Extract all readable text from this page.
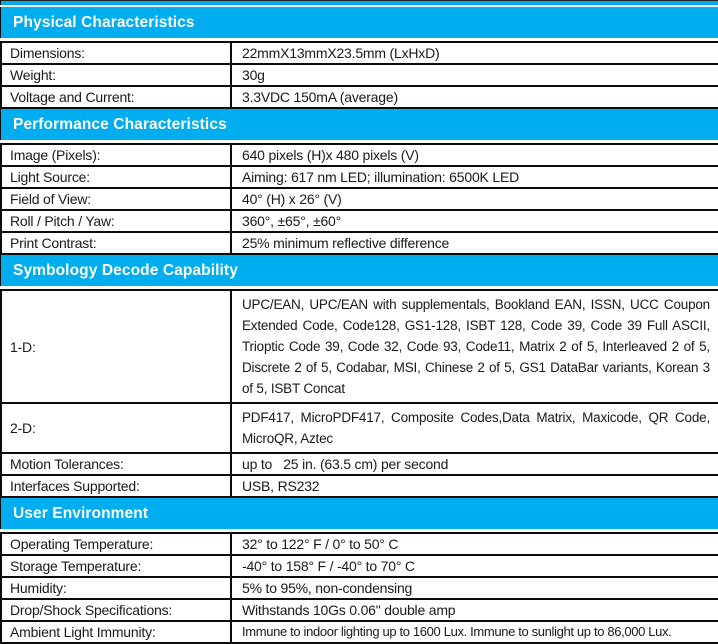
Physical Characteristics
Dimensions:	22mmX13mmX23.5mm (LxHxD)
Weight:	30g
Voltage and Current:	3.3VDC 150mA (average)
Performance Characteristics
Image (Pixels):	640 pixels (H)x 480 pixels (V)
Light Source:	Aiming: 617 nm LED; illumination: 6500K LED
Field of View:	40° (H) x 26° (V)
Roll / Pitch / Yaw:	360°, ±65°, ±60°
Print Contrast:	25% minimum reflective difference
Symbology Decode Capability
1-D:
UPC/EAN, UPC/EAN with supplementals, Bookland EAN, ISSN, UCC Coupon Extended Code, Code128, GS1-128, ISBT 128, Code 39, Code 39 Full ASCII, Trioptic Code 39, Code 32, Code 93, Code11, Matrix 2 of 5, Interleaved 2 of 5, Discrete 2 of 5, Codabar, MSI, Chinese 2 of 5, GS1 DataBar variants, Korean 3 of 5, ISBT Concat
2-D:
PDF417, MicroPDF417, Composite Codes,Data Matrix, Maxicode, QR Code, MicroQR, Aztec
Motion Tolerances:	up to   25 in. (63.5 cm) per second
Interfaces Supported:	USB, RS232
User Environment
Operating Temperature:	32° to 122° F / 0° to 50° C
Storage Temperature:	-40° to 158° F / -40° to 70° C
Humidity:	5% to 95%, non-condensing
Drop/Shock Specifications:	Withstands 10Gs 0.06" double amp
Ambient Light Immunity:	Immune to indoor lighting up to 1600 Lux. Immune to sunlight up to 86,000 Lux.
